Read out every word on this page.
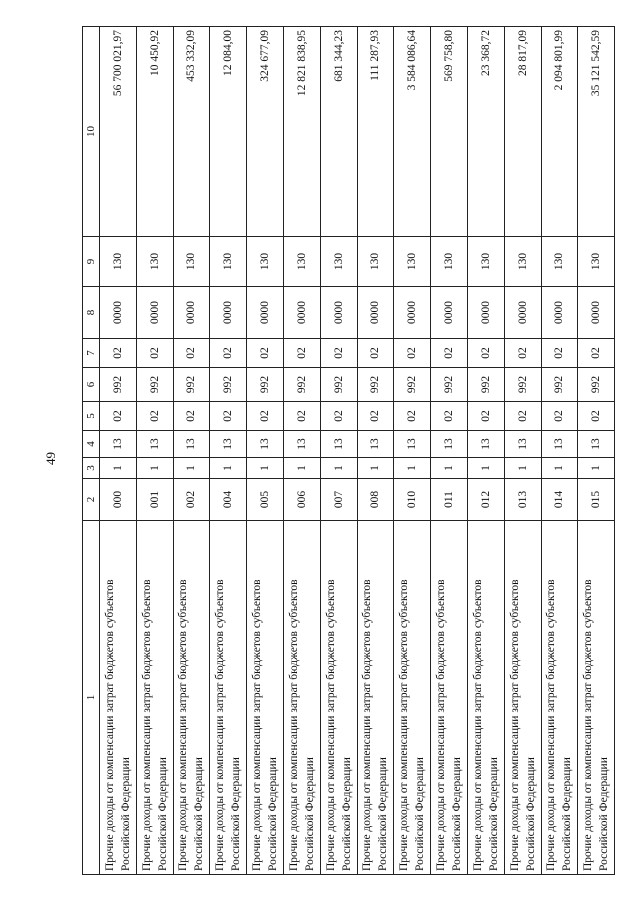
49
1	2	3	4	5	6	7	8	9	10
Прочие доходы от компенсации затрат бюджетов субъектов Российской Федерации	000	1	13	02	992	02	0000	130	56 700 021,97
Прочие доходы от компенсации затрат бюджетов субъектов Российской Федерации	001	1	13	02	992	02	0000	130	10 450,92
Прочие доходы от компенсации затрат бюджетов субъектов Российской Федерации	002	1	13	02	992	02	0000	130	453 332,09
Прочие доходы от компенсации затрат бюджетов субъектов Российской Федерации	004	1	13	02	992	02	0000	130	12 084,00
Прочие доходы от компенсации затрат бюджетов субъектов Российской Федерации	005	1	13	02	992	02	0000	130	324 677,09
Прочие доходы от компенсации затрат бюджетов субъектов Российской Федерации	006	1	13	02	992	02	0000	130	12 821 838,95
Прочие доходы от компенсации затрат бюджетов субъектов Российской Федерации	007	1	13	02	992	02	0000	130	681 344,23
Прочие доходы от компенсации затрат бюджетов субъектов Российской Федерации	008	1	13	02	992	02	0000	130	111 287,93
Прочие доходы от компенсации затрат бюджетов субъектов Российской Федерации	010	1	13	02	992	02	0000	130	3 584 086,64
Прочие доходы от компенсации затрат бюджетов субъектов Российской Федерации	011	1	13	02	992	02	0000	130	569 758,80
Прочие доходы от компенсации затрат бюджетов субъектов Российской Федерации	012	1	13	02	992	02	0000	130	23 368,72
Прочие доходы от компенсации затрат бюджетов субъектов Российской Федерации	013	1	13	02	992	02	0000	130	28 817,09
Прочие доходы от компенсации затрат бюджетов субъектов Российской Федерации	014	1	13	02	992	02	0000	130	2 094 801,99
Прочие доходы от компенсации затрат бюджетов субъектов Российской Федерации	015	1	13	02	992	02	0000	130	35 121 542,59
